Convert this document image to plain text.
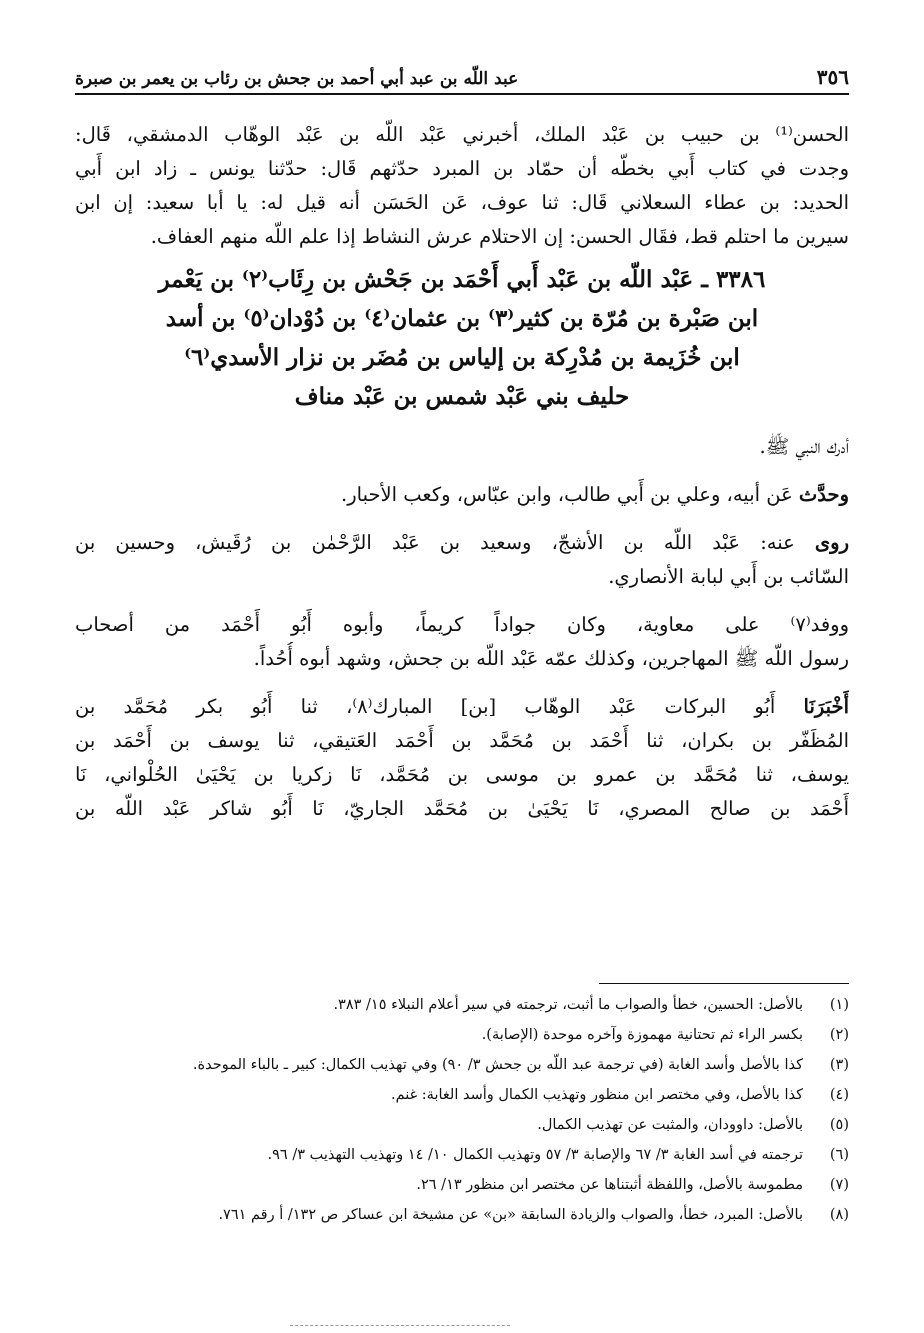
٣٥٦
عبد اللّه بن عبد أبي أحمد بن جحش بن رئاب بن يعمر بن صبرة

الحسن⁽¹⁾ بن حبيب بن عَبْد الملك، أخبرني عَبْد اللّه بن عَبْد الوهّاب الدمشقي، قَال:

وجدت في كتاب أَبي بخطّه أن حمّاد بن المبرد حدّثهم قَال: حدّثنا يونس ـ زاد ابن أَبي

الحديد: بن عطاء السعلاني قَال: ثنا عوف، عَن الحَسَن أنه قيل له: يا أبا سعيد: إن ابن

سيرين ما احتلم قط، فقَال الحسن: إن الاحتلام عرش النشاط إذا علم اللّه منهم العفاف.

٣٣٨٦ ـ عَبْد اللّه بن عَبْد أَبي أَحْمَد بن جَحْش بن رِئَاب⁽٢⁾ بن يَعْمر
ابن صَبْرة بن مُرّة بن كثير⁽٣⁾ بن عثمان⁽٤⁾ بن دُوْدان⁽٥⁾ بن أسد
ابن خُزَيمة بن مُدْرِكة بن إلياس بن مُضَر بن نزار الأسدي⁽٦⁾
حليف بني عَبْد شمس بن عَبْد مناف

أدرك النبي ﷺ.

وحدَّث عَن أبيه، وعلي بن أَبي طالب، وابن عبّاس، وكعب الأحبار.

روى عنه: عَبْد اللّه بن الأشجّ، وسعيد بن عَبْد الرَّحْمٰن بن رُقَيش، وحسين بن

السّائب بن أَبي لبابة الأنصاري.

ووفد⁽٧⁾ على معاوية، وكان جواداً كريماً، وأبوه أَبُو أَحْمَد من أصحاب

رسول اللّه ﷺ المهاجرين، وكذلك عمّه عَبْد اللّه بن جحش، وشهد أبوه أُحُداً.

أَخْبَرَنَا أَبُو البركات عَبْد الوهّاب [بن] المبارك⁽٨⁾، ثنا أَبُو بكر مُحَمَّد بن

المُظَفّر بن بكران، ثنا أَحْمَد بن مُحَمَّد بن أَحْمَد العَتيقي، ثنا يوسف بن أَحْمَد بن

يوسف، ثنا مُحَمَّد بن عمرو بن موسى بن مُحَمَّد، نَا زكريا بن يَحْيَىٰ الحُلْواني، نَا

أَحْمَد بن صالح المصري، نَا يَحْيَىٰ بن مُحَمَّد الجاريّ، نَا أَبُو شاكر عَبْد اللّه بن

(١)
بالأصل: الحسين، خطأ والصواب ما أثبت، ترجمته في سير أعلام النبلاء ١٥/ ٣٨٣.
(٢)
بكسر الراء ثم تحتانية مهموزة وآخره موحدة (الإصابة).
(٣)
كذا بالأصل وأسد الغابة (في ترجمة عبد اللّه بن جحش ٣/ ٩٠) وفي تهذيب الكمال: كبير ـ بالباء الموحدة.
(٤)
كذا بالأصل، وفي مختصر ابن منظور وتهذيب الكمال وأسد الغابة: غنم.
(٥)
بالأصل: داوودان، والمثبت عن تهذيب الكمال.
(٦)
ترجمته في أسد الغابة ٣/ ٦٧ والإصابة ٣/ ٥٧ وتهذيب الكمال ١٠/ ١٤ وتهذيب التهذيب ٣/ ٩٦.
(٧)
مطموسة بالأصل، واللفظة أثبتناها عن مختصر ابن منظور ١٣/ ٢٦.
(٨)
بالأصل: المبرد، خطأ، والصواب والزيادة السابقة «بن» عن مشيخة ابن عساكر ص ١٣٢/ أ رقم ٧٦١.
